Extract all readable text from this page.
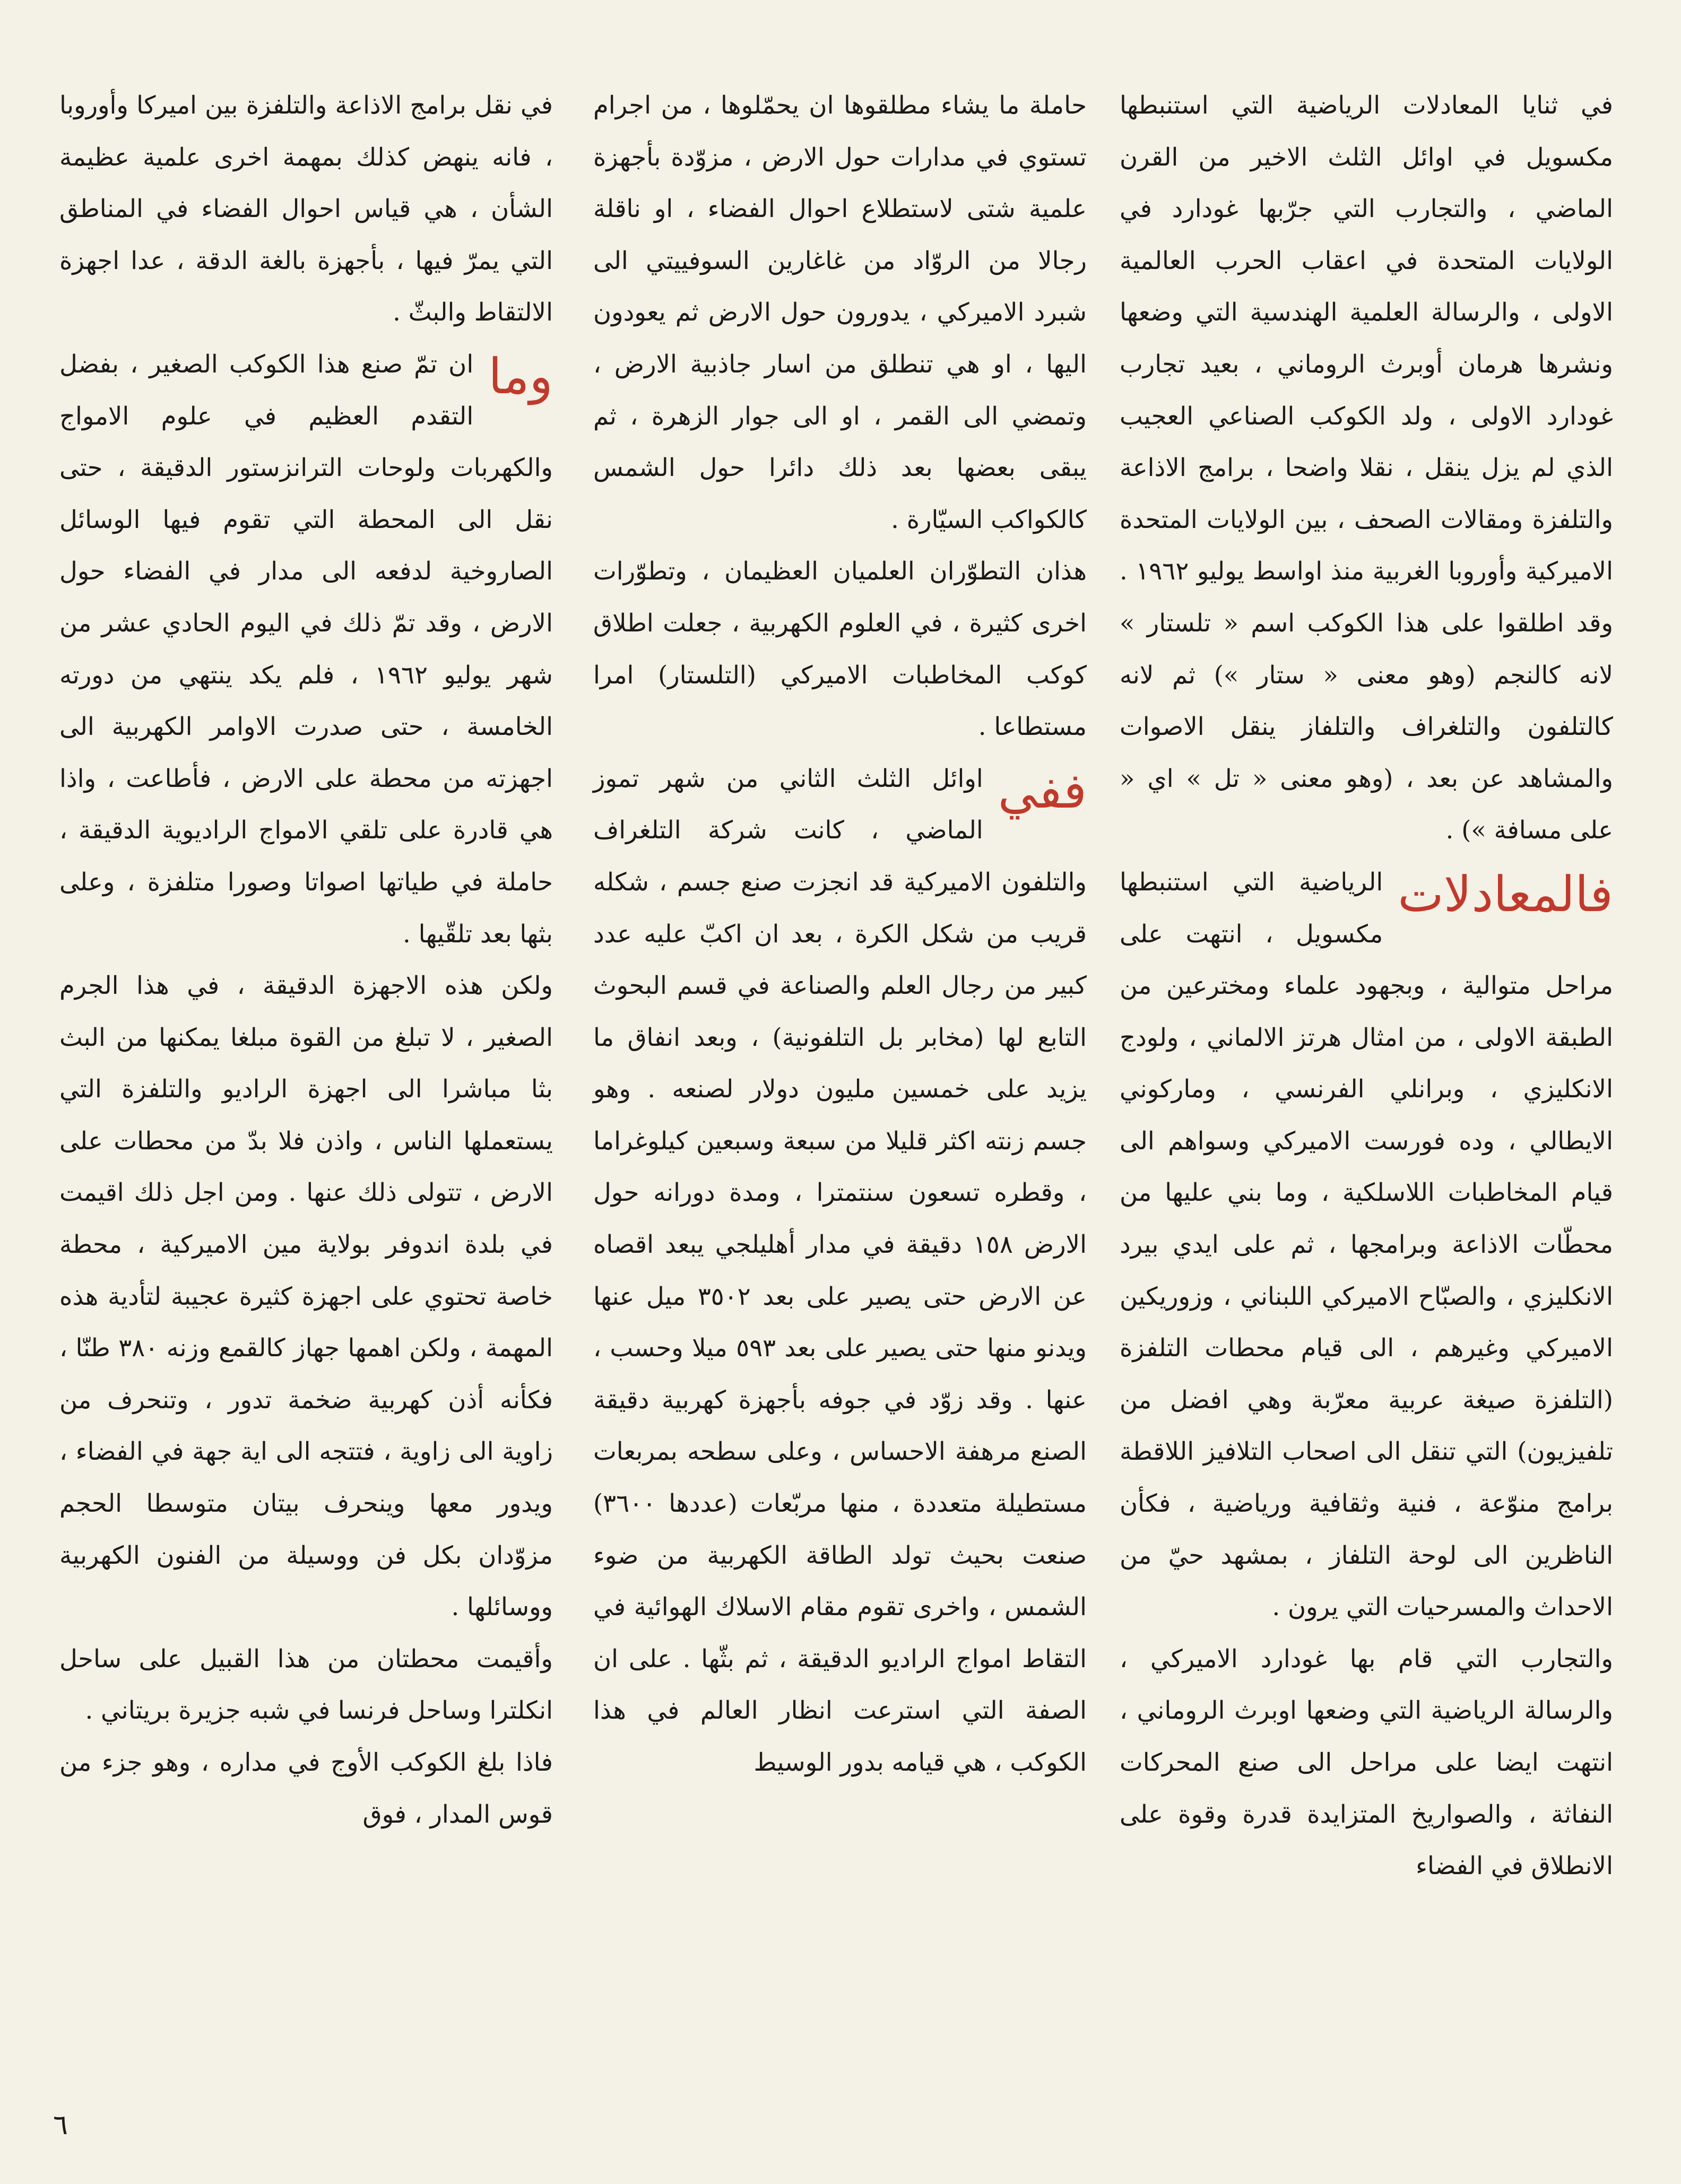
في ثنايا المعادلات الرياضية التي استنبطها مكسويل في اوائل الثلث الاخير من القرن الماضي ، والتجارب التي جرّبها غودارد في الولايات المتحدة في اعقاب الحرب العالمية الاولى ، والرسالة العلمية الهندسية التي وضعها ونشرها هرمان أوبرث الروماني ، بعيد تجارب غودارد الاولى ، ولد الكوكب الصناعي العجيب الذي لم يزل ينقل ، نقلا واضحا ، برامج الاذاعة والتلفزة ومقالات الصحف ، بين الولايات المتحدة الاميركية وأوروبا الغربية منذ اواسط يوليو ١٩٦٢ . وقد اطلقوا على هذا الكوكب اسم « تلستار » لانه كالنجم (وهو معنى « ستار ») ثم لانه كالتلفون والتلغراف والتلفاز ينقل الاصوات والمشاهد عن بعد ، (وهو معنى « تل » اي « على مسافة ») .

فالمعادلات
الرياضية التي استنبطها مكسويل ، انتهت على مراحل متوالية ، وبجهود علماء ومخترعين من الطبقة الاولى ، من امثال هرتز الالماني ، ولودج الانكليزي ، وبرانلي الفرنسي ، وماركوني الايطالي ، وده فورست الاميركي وسواهم الى قيام المخاطبات اللاسلكية ، وما بني عليها من محطّات الاذاعة وبرامجها ، ثم على ايدي بيرد الانكليزي ، والصبّاح الاميركي اللبناني ، وزوريكين الاميركي وغيرهم ، الى قيام محطات التلفزة (التلفزة صيغة عربية معرّبة وهي افضل من تلفيزيون) التي تنقل الى اصحاب التلافيز اللاقطة برامج منوّعة ، فنية وثقافية ورياضية ، فكأن الناظرين الى لوحة التلفاز ، بمشهد حيّ من الاحداث والمسرحيات التي يرون .

والتجارب التي قام بها غودارد الاميركي ، والرسالة الرياضية التي وضعها اوبرث الروماني ، انتهت ايضا على مراحل الى صنع المحركات النفاثة ، والصواريخ المتزايدة قدرة وقوة على الانطلاق في الفضاء

حاملة ما يشاء مطلقوها ان يحمّلوها ، من اجرام تستوي في مدارات حول الارض ، مزوّدة بأجهزة علمية شتى لاستطلاع احوال الفضاء ، او ناقلة رجالا من الروّاد من غاغارين السوفييتي الى شبرد الاميركي ، يدورون حول الارض ثم يعودون اليها ، او هي تنطلق من اسار جاذبية الارض ، وتمضي الى القمر ، او الى جوار الزهرة ، ثم يبقى بعضها بعد ذلك دائرا حول الشمس كالكواكب السيّارة .

هذان التطوّران العلميان العظيمان ، وتطوّرات اخرى كثيرة ، في العلوم الكهربية ، جعلت اطلاق كوكب المخاطبات الاميركي (التلستار) امرا مستطاعا .

ففي
اوائل الثلث الثاني من شهر تموز الماضي ، كانت شركة التلغراف والتلفون الاميركية قد انجزت صنع جسم ، شكله قريب من شكل الكرة ، بعد ان اكبّ عليه عدد كبير من رجال العلم والصناعة في قسم البحوث التابع لها (مخابر بل التلفونية) ، وبعد انفاق ما يزيد على خمسين مليون دولار لصنعه . وهو جسم زنته اكثر قليلا من سبعة وسبعين كيلوغراما ، وقطره تسعون سنتمترا ، ومدة دورانه حول الارض ١٥٨ دقيقة في مدار أهليلجي يبعد اقصاه عن الارض حتى يصير على بعد ٣٥٠٢ ميل عنها ويدنو منها حتى يصير على بعد ٥٩٣ ميلا وحسب ، عنها . وقد زوّد في جوفه بأجهزة كهربية دقيقة الصنع مرهفة الاحساس ، وعلى سطحه بمربعات مستطيلة متعددة ، منها مربّعات (عددها ٣٦٠٠) صنعت بحيث تولد الطاقة الكهربية من ضوء الشمس ، واخرى تقوم مقام الاسلاك الهوائية في التقاط امواج الراديو الدقيقة ، ثم بثّها . على ان الصفة التي استرعت انظار العالم في هذا الكوكب ، هي قيامه بدور الوسيط

في نقل برامج الاذاعة والتلفزة بين اميركا وأوروبا ، فانه ينهض كذلك بمهمة اخرى علمية عظيمة الشأن ، هي قياس احوال الفضاء في المناطق التي يمرّ فيها ، بأجهزة بالغة الدقة ، عدا اجهزة الالتقاط والبثّ .

وما
ان تمّ صنع هذا الكوكب الصغير ، بفضل التقدم العظيم في علوم الامواج والكهربات ولوحات الترانزستور الدقيقة ، حتى نقل الى المحطة التي تقوم فيها الوسائل الصاروخية لدفعه الى مدار في الفضاء حول الارض ، وقد تمّ ذلك في اليوم الحادي عشر من شهر يوليو ١٩٦٢ ، فلم يكد ينتهي من دورته الخامسة ، حتى صدرت الاوامر الكهربية الى اجهزته من محطة على الارض ، فأطاعت ، واذا هي قادرة على تلقي الامواج الراديوية الدقيقة ، حاملة في طياتها اصواتا وصورا متلفزة ، وعلى بثها بعد تلقّيها .

ولكن هذه الاجهزة الدقيقة ، في هذا الجرم الصغير ، لا تبلغ من القوة مبلغا يمكنها من البث بثا مباشرا الى اجهزة الراديو والتلفزة التي يستعملها الناس ، واذن فلا بدّ من محطات على الارض ، تتولى ذلك عنها . ومن اجل ذلك اقيمت في بلدة اندوفر بولاية مين الاميركية ، محطة خاصة تحتوي على اجهزة كثيرة عجيبة لتأدية هذه المهمة ، ولكن اهمها جهاز كالقمع وزنه ٣٨٠ طنّا ، فكأنه أذن كهربية ضخمة تدور ، وتنحرف من زاوية الى زاوية ، فتتجه الى اية جهة في الفضاء ، ويدور معها وينحرف بيتان متوسطا الحجم مزوّدان بكل فن ووسيلة من الفنون الكهربية ووسائلها .

وأقيمت محطتان من هذا القبيل على ساحل انكلترا وساحل فرنسا في شبه جزيرة بريتاني .

فاذا بلغ الكوكب الأوج في مداره ، وهو جزء من قوس المدار ، فوق

٦
